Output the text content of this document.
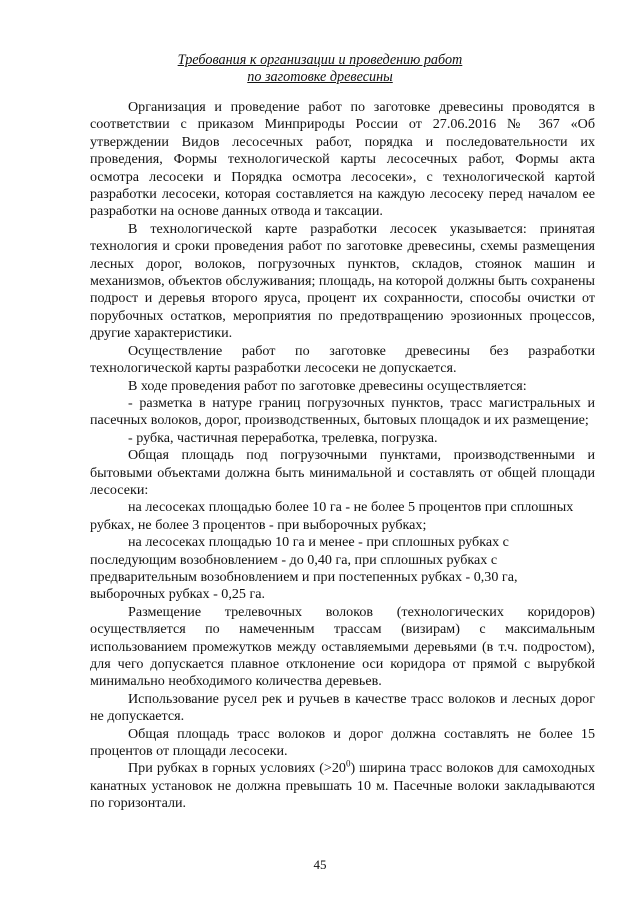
Требования к организации и проведению работ
по заготовке древесины

Организация и проведение работ по заготовке древесины проводятся в соответствии с приказом Минприроды России от 27.06.2016 № 367 «Об утверждении Видов лесосечных работ, порядка и последовательности их проведения, Формы технологической карты лесосечных работ, Формы акта осмотра лесосеки и Порядка осмотра лесосеки», с технологической картой разработки лесосеки, которая составляется на каждую лесосеку перед началом ее разработки на основе данных отвода и таксации.

В технологической карте разработки лесосек указывается: принятая технология и сроки проведения работ по заготовке древесины, схемы размещения лесных дорог, волоков, погрузочных пунктов, складов, стоянок машин и механизмов, объектов обслуживания; площадь, на которой должны быть сохранены подрост и деревья второго яруса, процент их сохранности, способы очистки от порубочных остатков, мероприятия по предотвращению эрозионных процессов, другие характеристики.

Осуществление работ по заготовке древесины без разработки технологической карты разработки лесосеки не допускается.

В ходе проведения работ по заготовке древесины осуществляется:

- разметка в натуре границ погрузочных пунктов, трасс магистральных и пасечных волоков, дорог, производственных, бытовых площадок и их размещение;

- рубка, частичная переработка, трелевка, погрузка.

Общая площадь под погрузочными пунктами, производственными и бытовыми объектами должна быть минимальной и составлять от общей площади лесосеки:

на лесосеках площадью более 10 га - не более 5 процентов при сплошных рубках, не более 3 процентов - при выборочных рубках;

на лесосеках площадью 10 га и менее - при сплошных рубках с последующим возобновлением - до 0,40 га, при сплошных рубках с предварительным возобновлением и при постепенных рубках - 0,30 га, выборочных рубках - 0,25 га.

Размещение трелевочных волоков (технологических коридоров) осуществляется по намеченным трассам (визирам) с максимальным использованием промежутков между оставляемыми деревьями (в т.ч. подростом), для чего допускается плавное отклонение оси коридора от прямой с вырубкой минимально необходимого количества деревьев.

Использование русел рек и ручьев в качестве трасс волоков и лесных дорог не допускается.

Общая площадь трасс волоков и дорог должна составлять не более 15 процентов от площади лесосеки.

При рубках в горных условиях $(>20^0)$ ширина трасс волоков для самоходных канатных установок не должна превышать 10 м. Пасечные волоки закладываются по горизонтали.

45
